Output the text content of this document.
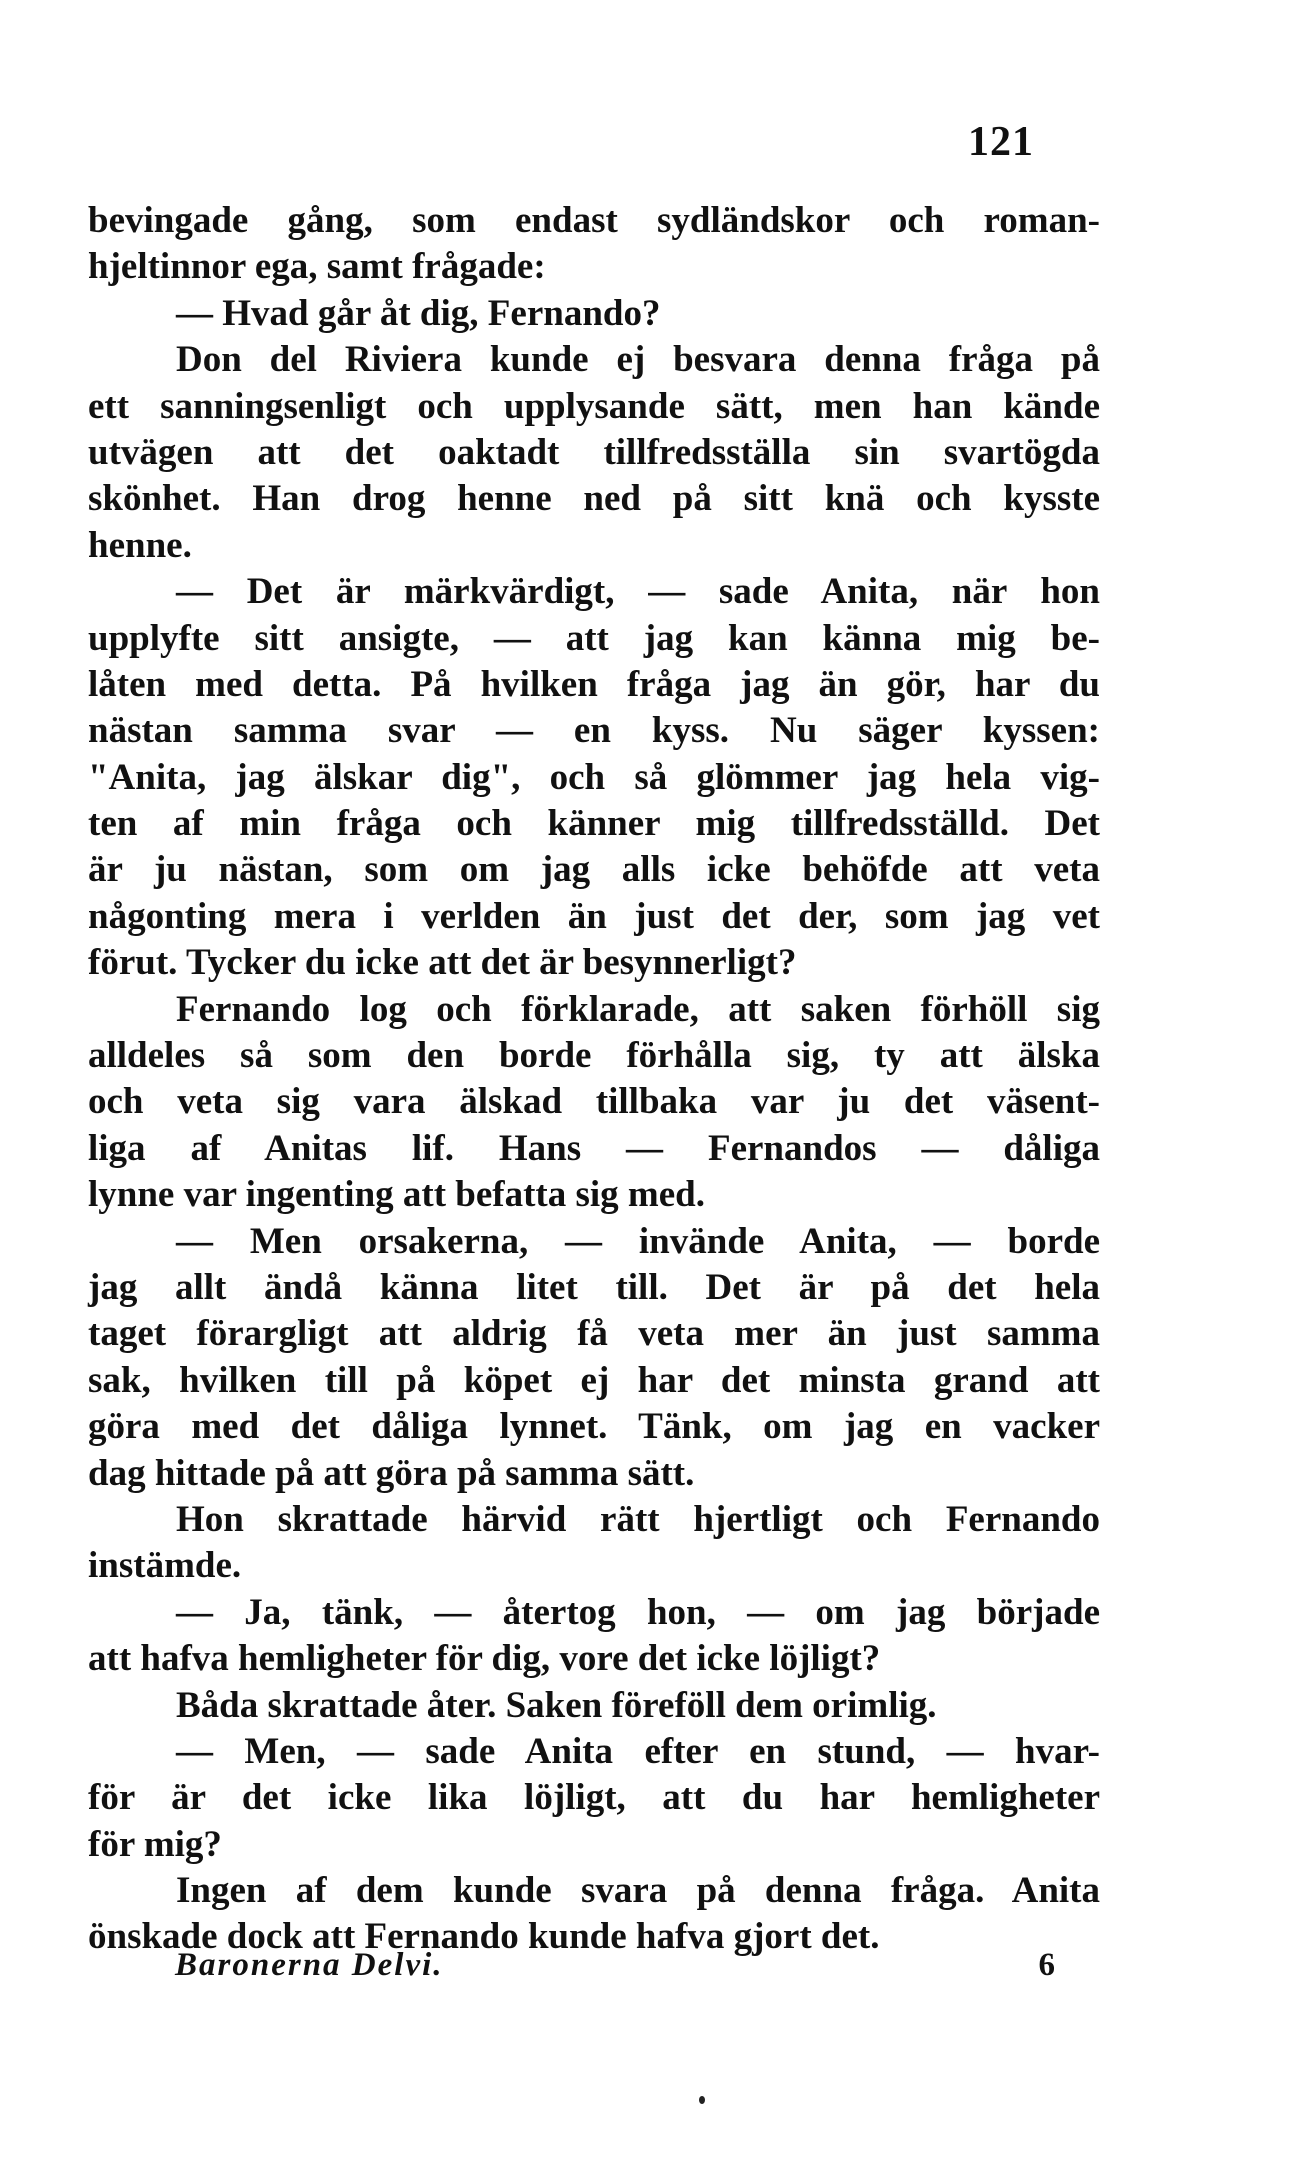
121
bevingade gång, som endast sydländskor och roman-
hjeltinnor ega, samt frågade:
— Hvad går åt dig, Fernando?
Don del Riviera kunde ej besvara denna fråga på
ett sanningsenligt och upplysande sätt, men han kände
utvägen att det oaktadt tillfredsställa sin svartögda
skönhet. Han drog henne ned på sitt knä och kysste
henne.
— Det är märkvärdigt, — sade Anita, när hon
upplyfte sitt ansigte, — att jag kan känna mig be-
låten med detta. På hvilken fråga jag än gör, har du
nästan samma svar — en kyss. Nu säger kyssen:
"Anita, jag älskar dig", och så glömmer jag hela vig-
ten af min fråga och känner mig tillfredsställd. Det
är ju nästan, som om jag alls icke behöfde att veta
någonting mera i verlden än just det der, som jag vet
förut. Tycker du icke att det är besynnerligt?
Fernando log och förklarade, att saken förhöll sig
alldeles så som den borde förhålla sig, ty att älska
och veta sig vara älskad tillbaka var ju det väsent-
liga af Anitas lif. Hans — Fernandos — dåliga
lynne var ingenting att befatta sig med.
— Men orsakerna, — invände Anita, — borde
jag allt ändå känna litet till. Det är på det hela
taget förargligt att aldrig få veta mer än just samma
sak, hvilken till på köpet ej har det minsta grand att
göra med det dåliga lynnet. Tänk, om jag en vacker
dag hittade på att göra på samma sätt.
Hon skrattade härvid rätt hjertligt och Fernando
instämde.
— Ja, tänk, — återtog hon, — om jag började
att hafva hemligheter för dig, vore det icke löjligt?
Båda skrattade åter. Saken föreföll dem orimlig.
— Men, — sade Anita efter en stund, — hvar-
för är det icke lika löjligt, att du har hemligheter
för mig?
Ingen af dem kunde svara på denna fråga. Anita
önskade dock att Fernando kunde hafva gjort det.
Baronerna Delvi.	6
